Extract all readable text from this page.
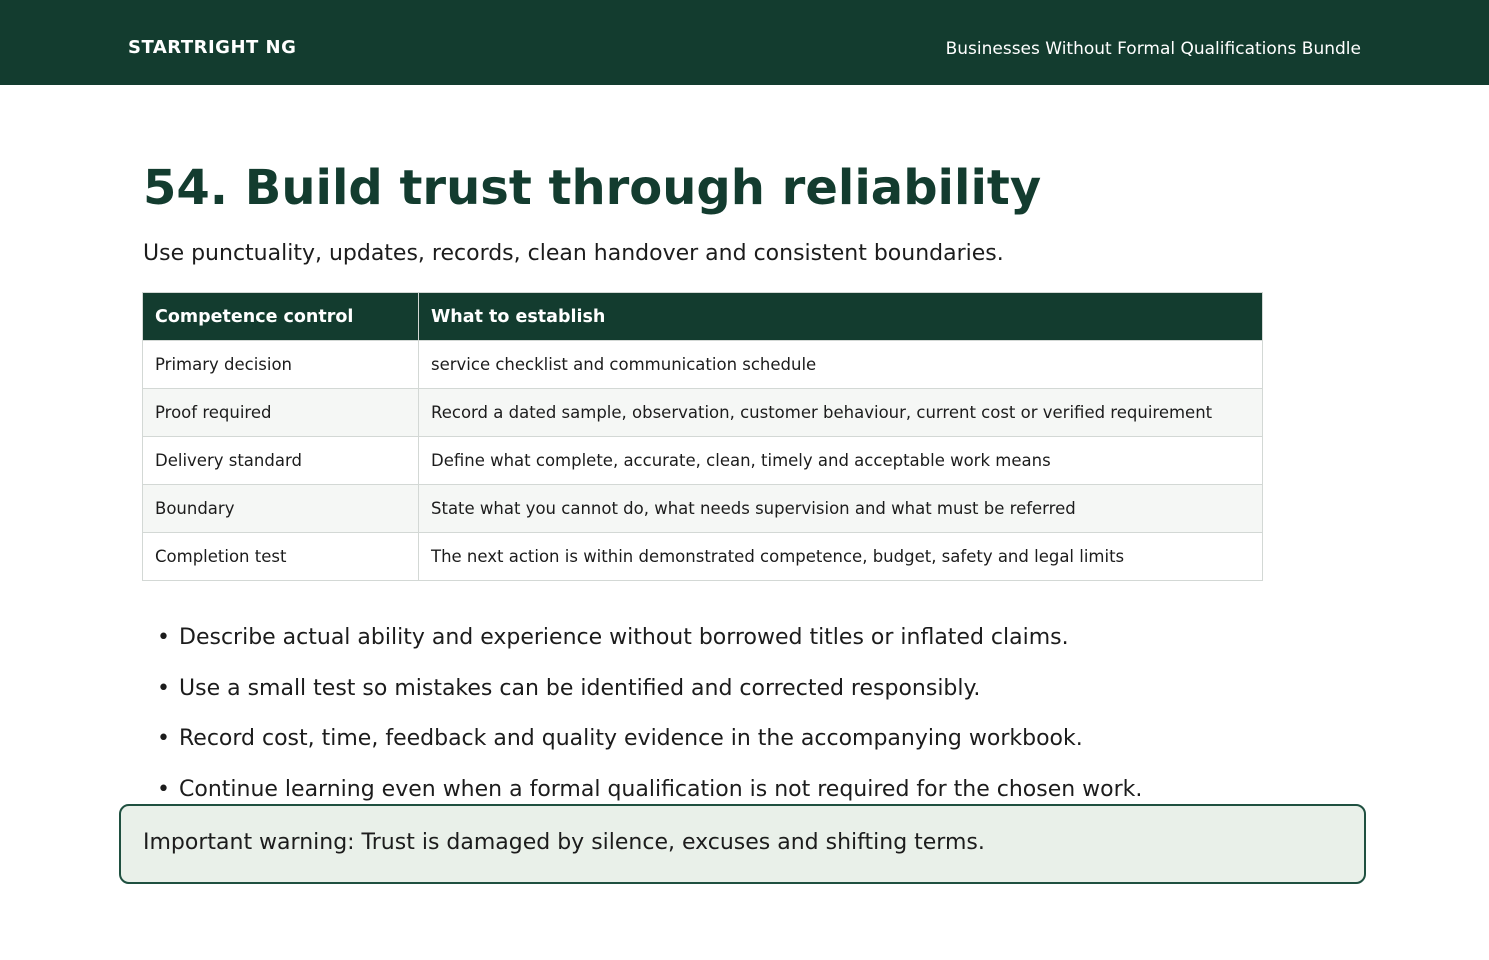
STARTRIGHT NG	Businesses Without Formal Qualifications Bundle
54. Build trust through reliability

Use punctuality, updates, records, clean handover and consistent boundaries.

Competence control	What to establish
Primary decision	service checklist and communication schedule
Proof required	Record a dated sample, observation, customer behaviour, current cost or verified requirement
Delivery standard	Define what complete, accurate, clean, timely and acceptable work means
Boundary	State what you cannot do, what needs supervision and what must be referred
Completion test	The next action is within demonstrated competence, budget, safety and legal limits
• Describe actual ability and experience without borrowed titles or inflated claims.
• Use a small test so mistakes can be identified and corrected responsibly.
• Record cost, time, feedback and quality evidence in the accompanying workbook.
• Continue learning even when a formal qualification is not required for the chosen work.
Important warning: Trust is damaged by silence, excuses and shifting terms.
